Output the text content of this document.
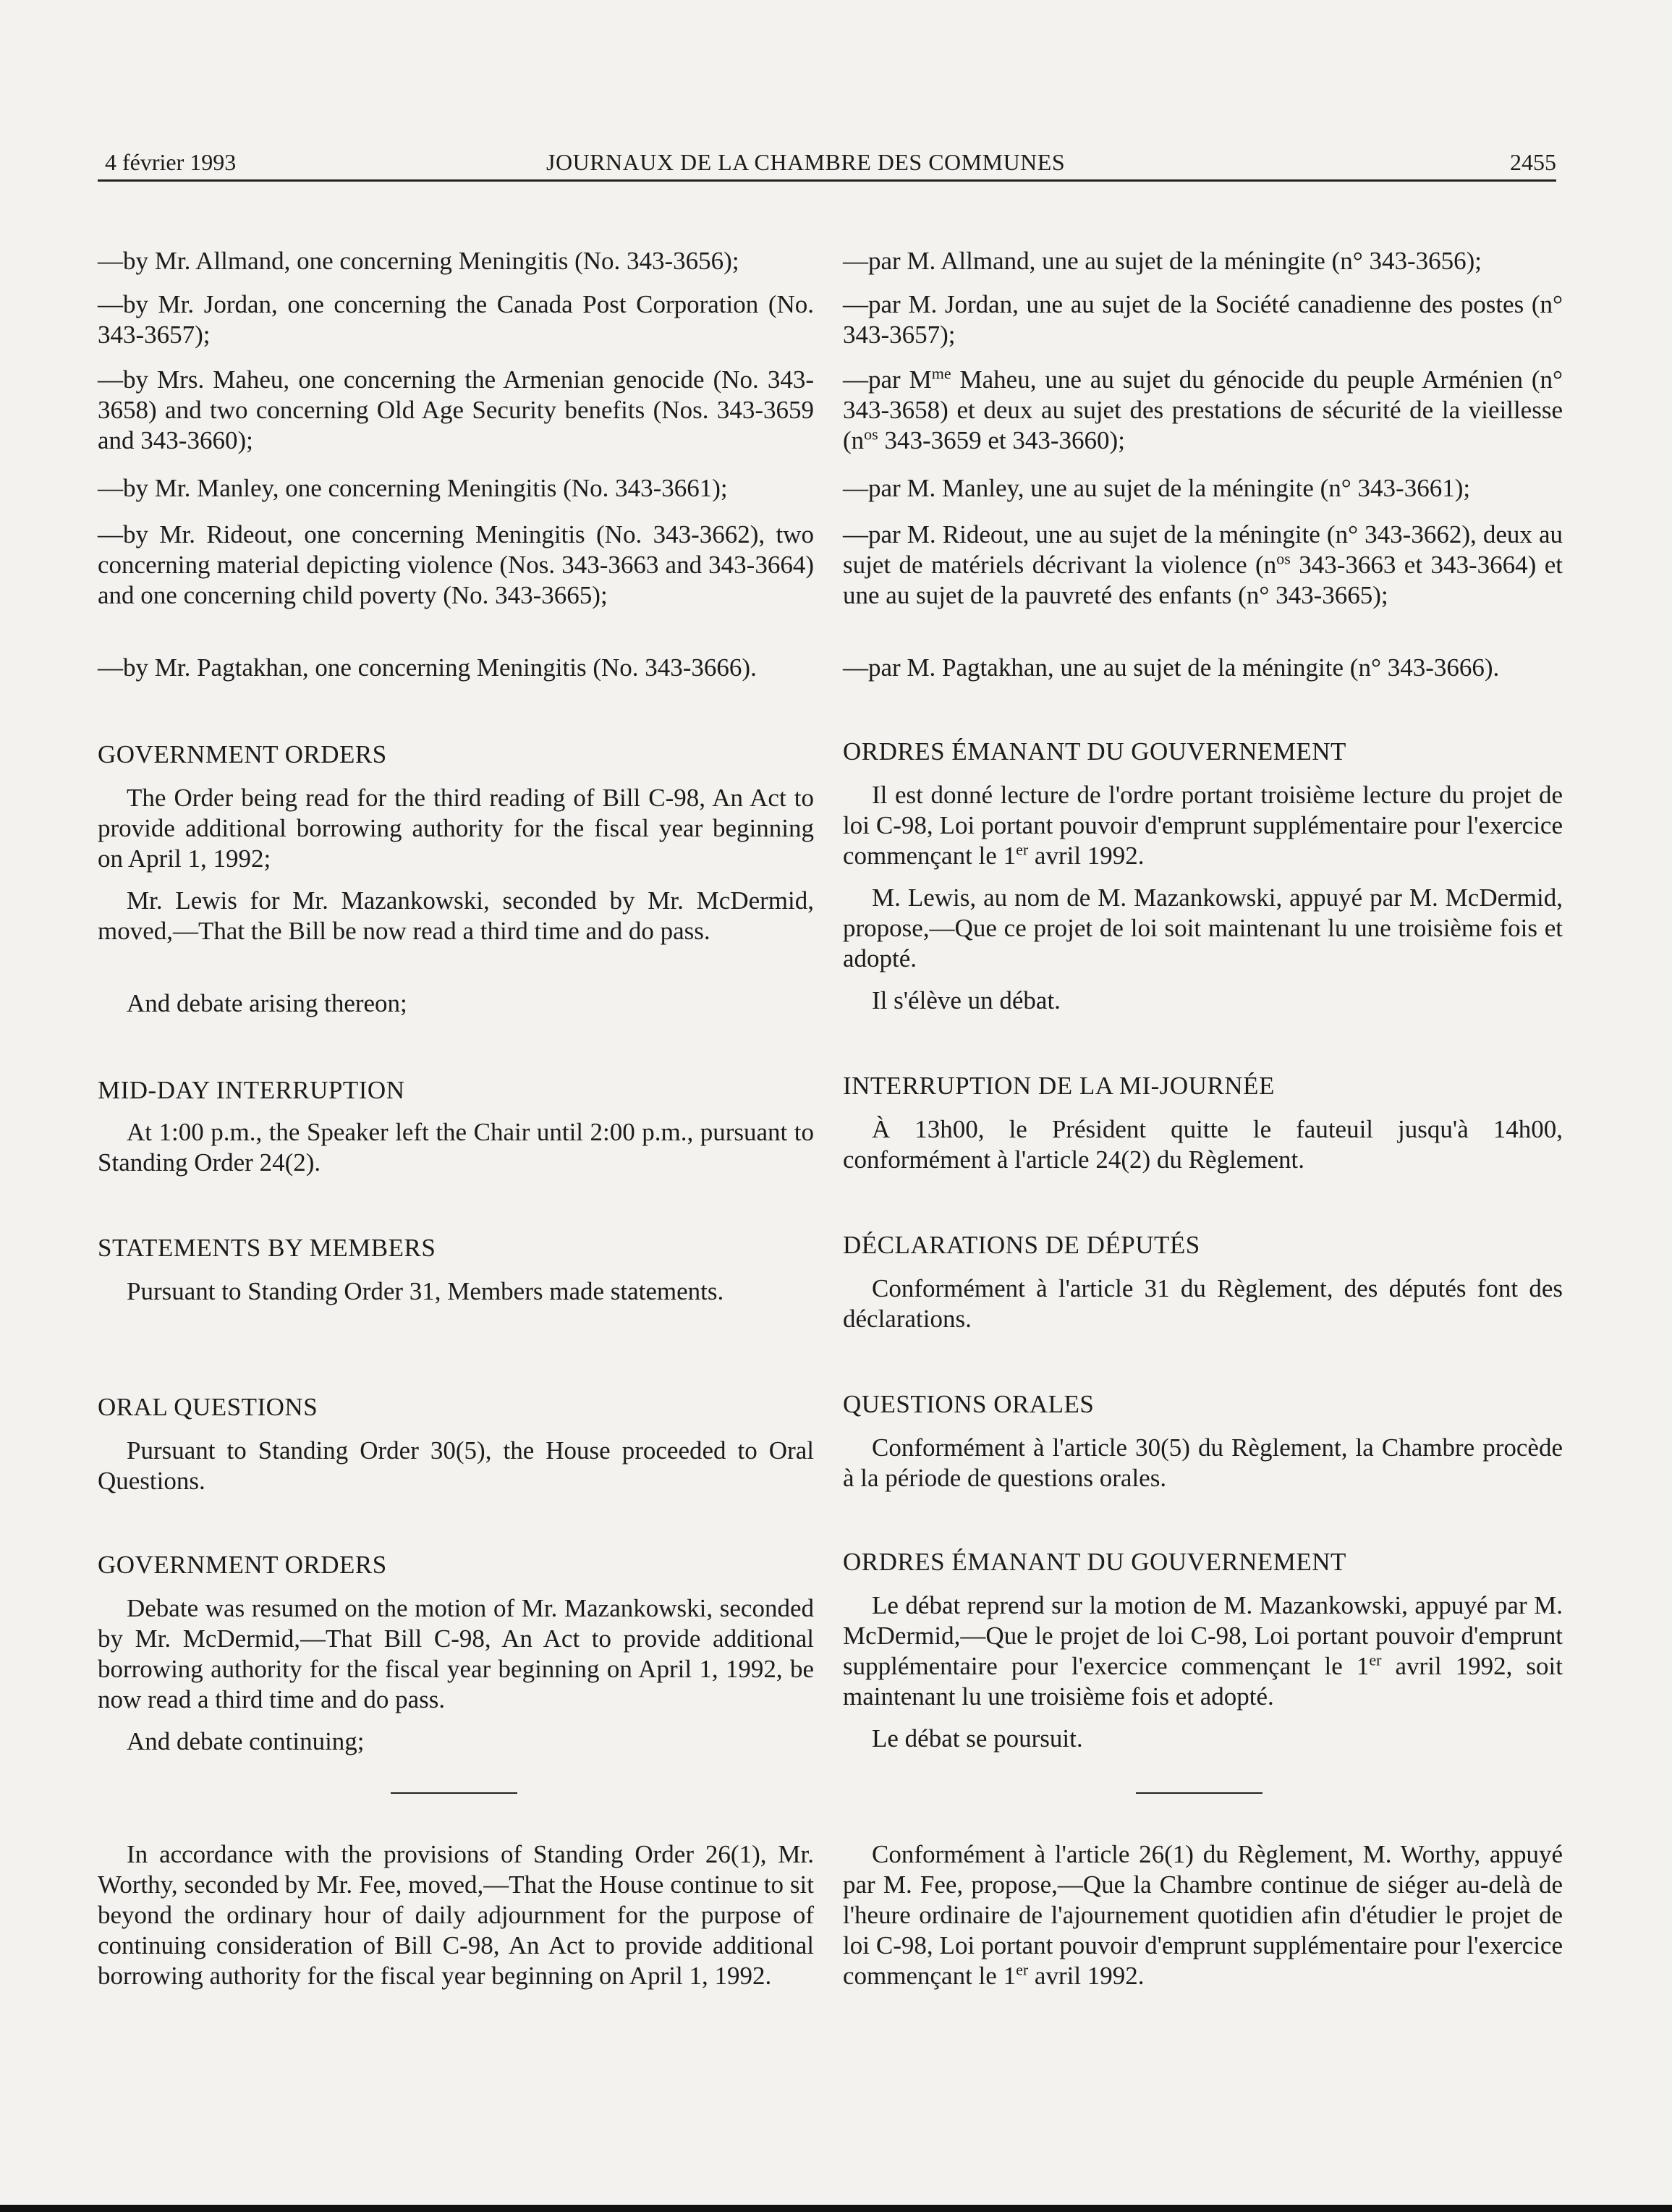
4 février 1993	JOURNAUX DE LA CHAMBRE DES COMMUNES	2455
—by Mr. Allmand, one concerning Meningitis (No. 343-3656);
—by Mr. Jordan, one concerning the Canada Post Corporation (No. 343-3657);
—by Mrs. Maheu, one concerning the Armenian genocide (No. 343-3658) and two concerning Old Age Security benefits (Nos. 343-3659 and 343-3660);
—by Mr. Manley, one concerning Meningitis (No. 343-3661);
—by Mr. Rideout, one concerning Meningitis (No. 343-3662), two concerning material depicting violence (Nos. 343-3663 and 343-3664) and one concerning child poverty (No. 343-3665);
—by Mr. Pagtakhan, one concerning Meningitis (No. 343-3666).
GOVERNMENT ORDERS
The Order being read for the third reading of Bill C-98, An Act to provide additional borrowing authority for the fiscal year beginning on April 1, 1992;
Mr. Lewis for Mr. Mazankowski, seconded by Mr. McDermid, moved,—That the Bill be now read a third time and do pass.
And debate arising thereon;
MID-DAY INTERRUPTION
At 1:00 p.m., the Speaker left the Chair until 2:00 p.m., pursuant to Standing Order 24(2).
STATEMENTS BY MEMBERS
Pursuant to Standing Order 31, Members made statements.
ORAL QUESTIONS
Pursuant to Standing Order 30(5), the House proceeded to Oral Questions.
GOVERNMENT ORDERS
Debate was resumed on the motion of Mr. Mazankowski, seconded by Mr. McDermid,—That Bill C-98, An Act to provide additional borrowing authority for the fiscal year beginning on April 1, 1992, be now read a third time and do pass.
And debate continuing;
In accordance with the provisions of Standing Order 26(1), Mr. Worthy, seconded by Mr. Fee, moved,—That the House continue to sit beyond the ordinary hour of daily adjournment for the purpose of continuing consideration of Bill C-98, An Act to provide additional borrowing authority for the fiscal year beginning on April 1, 1992.
—par M. Allmand, une au sujet de la méningite (n° 343-3656);
—par M. Jordan, une au sujet de la Société canadienne des postes (n° 343-3657);
—par $M^{me}$ Maheu, une au sujet du génocide du peuple Arménien (n° 343-3658) et deux au sujet des prestations de sécurité de la vieillesse ($n^{os}$ 343-3659 et 343-3660);
—par M. Manley, une au sujet de la méningite (n° 343-3661);
—par M. Rideout, une au sujet de la méningite (n° 343-3662), deux au sujet de matériels décrivant la violence ($n^{os}$ 343-3663 et 343-3664) et une au sujet de la pauvreté des enfants (n° 343-3665);
—par M. Pagtakhan, une au sujet de la méningite (n° 343-3666).
ORDRES ÉMANANT DU GOUVERNEMENT
Il est donné lecture de l'ordre portant troisième lecture du projet de loi C-98, Loi portant pouvoir d'emprunt supplémentaire pour l'exercice commençant le 1er avril 1992.
M. Lewis, au nom de M. Mazankowski, appuyé par M. McDermid, propose,—Que ce projet de loi soit maintenant lu une troisième fois et adopté.
Il s'élève un débat.
INTERRUPTION DE LA MI-JOURNÉE
À 13h00, le Président quitte le fauteuil jusqu'à 14h00, conformément à l'article 24(2) du Règlement.
DÉCLARATIONS DE DÉPUTÉS
Conformément à l'article 31 du Règlement, des députés font des déclarations.
QUESTIONS ORALES
Conformément à l'article 30(5) du Règlement, la Chambre procède à la période de questions orales.
ORDRES ÉMANANT DU GOUVERNEMENT
Le débat reprend sur la motion de M. Mazankowski, appuyé par M. McDermid,—Que le projet de loi C-98, Loi portant pouvoir d'emprunt supplémentaire pour l'exercice commençant le 1er avril 1992, soit maintenant lu une troisième fois et adopté.
Le débat se poursuit.
Conformément à l'article 26(1) du Règlement, M. Worthy, appuyé par M. Fee, propose,—Que la Chambre continue de siéger au-delà de l'heure ordinaire de l'ajournement quotidien afin d'étudier le projet de loi C-98, Loi portant pouvoir d'emprunt supplémentaire pour l'exercice commençant le 1er avril 1992.
